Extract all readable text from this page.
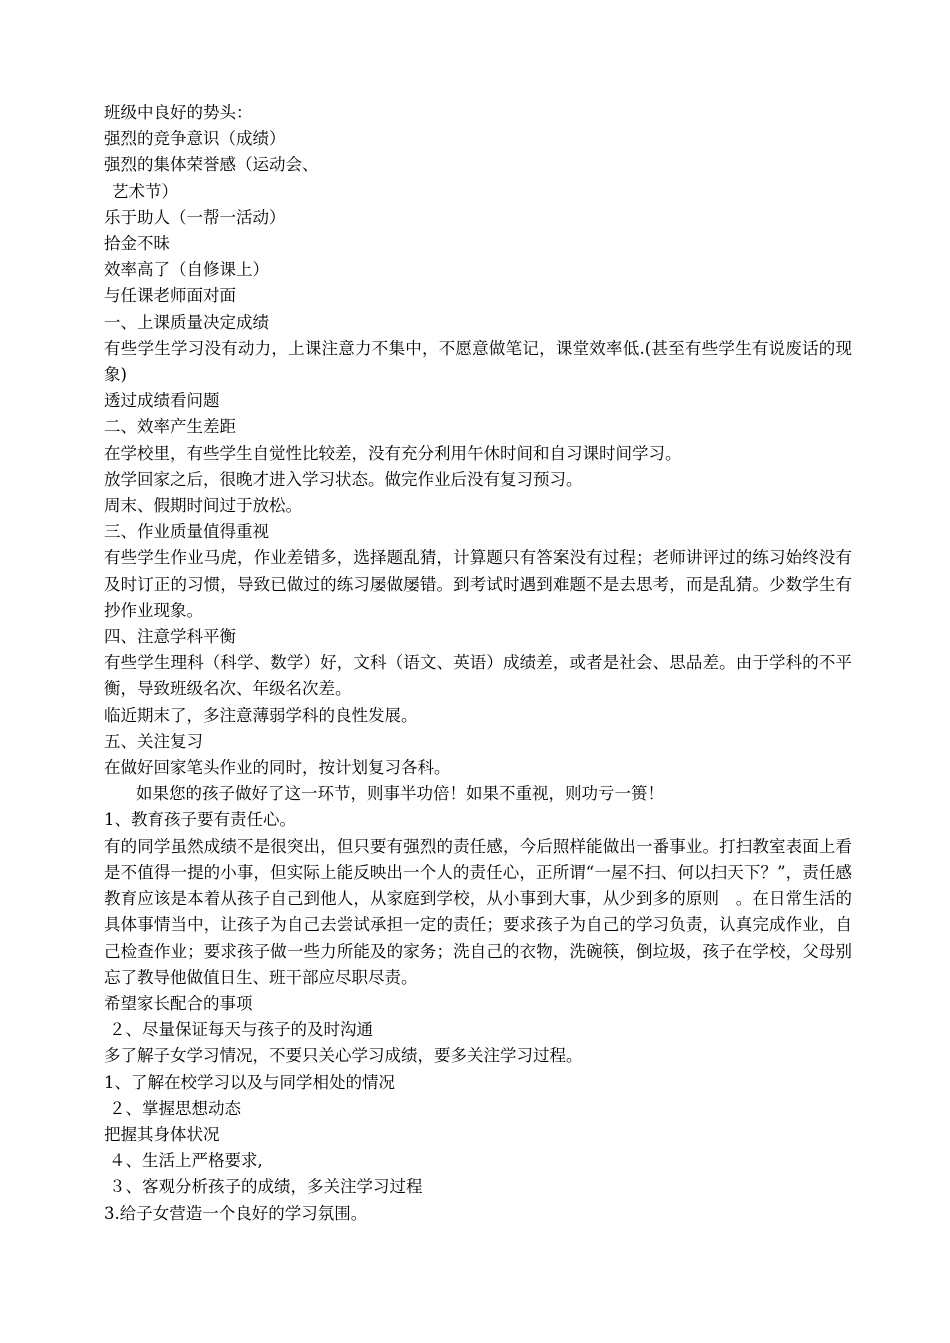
班级中良好的势头：
强烈的竞争意识（成绩）
强烈的集体荣誉感（运动会、
艺术节）
乐于助人（一帮一活动）
拾金不昧
效率高了（自修课上）
与任课老师面对面
一、上课质量决定成绩
有些学生学习没有动力，上课注意力不集中，不愿意做笔记，课堂效率低.(甚至有些学生有说废话的现象)
透过成绩看问题
二、效率产生差距
在学校里，有些学生自觉性比较差，没有充分利用午休时间和自习课时间学习。
放学回家之后，很晚才进入学习状态。做完作业后没有复习预习。
周末、假期时间过于放松。
三、作业质量值得重视
有些学生作业马虎，作业差错多，选择题乱猜，计算题只有答案没有过程；老师讲评过的练习始终没有及时订正的习惯，导致已做过的练习屡做屡错。到考试时遇到难题不是去思考，而是乱猜。少数学生有抄作业现象。
四、注意学科平衡
有些学生理科（科学、数学）好，文科（语文、英语）成绩差，或者是社会、思品差。由于学科的不平衡，导致班级名次、年级名次差。
临近期末了，多注意薄弱学科的良性发展。
五、关注复习
在做好回家笔头作业的同时，按计划复习各科。
如果您的孩子做好了这一环节，则事半功倍！如果不重视，则功亏一篑！
1、教育孩子要有责任心。
有的同学虽然成绩不是很突出，但只要有强烈的责任感，今后照样能做出一番事业。打扫教室表面上看是不值得一提的小事，但实际上能反映出一个人的责任心，正所谓“一屋不扫、何以扫天下？”，责任感教育应该是本着从孩子自己到他人，从家庭到学校，从小事到大事，从少到多的原则　。在日常生活的具体事情当中，让孩子为自己去尝试承担一定的责任；要求孩子为自己的学习负责，认真完成作业，自己检查作业；要求孩子做一些力所能及的家务；洗自己的衣物，洗碗筷，倒垃圾，孩子在学校，父母别忘了教导他做值日生、班干部应尽职尽责。
希望家长配合的事项
２、尽量保证每天与孩子的及时沟通
多了解子女学习情况，不要只关心学习成绩，要多关注学习过程。
1、了解在校学习以及与同学相处的情况
２、掌握思想动态
把握其身体状况
４、生活上严格要求,
３、客观分析孩子的成绩，多关注学习过程
3.给子女营造一个良好的学习氛围。
